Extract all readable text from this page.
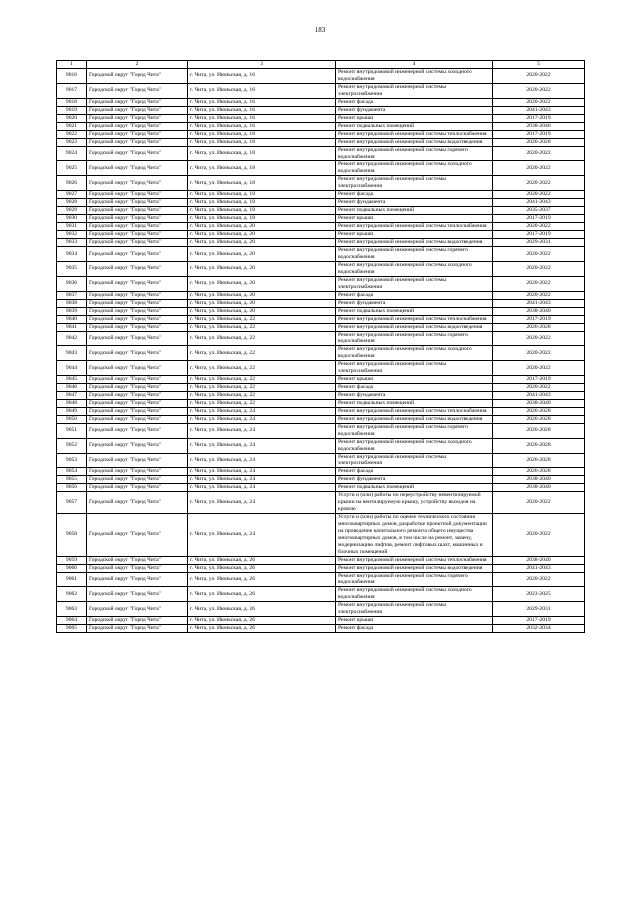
183
1	2	3	4	5
9016	Городской округ "Город Чита"	г. Чита, ул. Июньская, д. 16	Ремонт внутридомовой инженерной системы холодного водоснабжения	2020-2022
9017	Городской округ "Город Чита"	г. Чита, ул. Июньская, д. 16	Ремонт внутридомовой инженерной системы электроснабжения	2020-2022
9018	Городской округ "Город Чита"	г. Чита, ул. Июньская, д. 16	Ремонт фасада	2020-2022
9019	Городской округ "Город Чита"	г. Чита, ул. Июньская, д. 16	Ремонт фундамента	2041-2043
9020	Городской округ "Город Чита"	г. Чита, ул. Июньская, д. 16	Ремонт крыши	2017-2019
9021	Городской округ "Город Чита"	г. Чита, ул. Июньская, д. 16	Ремонт подвальных помещений	2038-2040
9022	Городской округ "Город Чита"	г. Чита, ул. Июньская, д. 18	Ремонт внутридомовой инженерной системы теплоснабжения	2017-2019
9023	Городской округ "Город Чита"	г. Чита, ул. Июньская, д. 18	Ремонт внутридомовой инженерной системы водоотведения	2026-2028
9024	Городской округ "Город Чита"	г. Чита, ул. Июньская, д. 18	Ремонт внутридомовой инженерной системы горячего водоснабжения	2020-2022
9025	Городской округ "Город Чита"	г. Чита, ул. Июньская, д. 18	Ремонт внутридомовой инженерной системы холодного водоснабжения	2020-2022
9026	Городской округ "Город Чита"	г. Чита, ул. Июньская, д. 18	Ремонт внутридомовой инженерной системы электроснабжения	2020-2022
9027	Городской округ "Город Чита"	г. Чита, ул. Июньская, д. 18	Ремонт фасада	2020-2022
9028	Городской округ "Город Чита"	г. Чита, ул. Июньская, д. 18	Ремонт фундамента	2041-2043
9029	Городской округ "Город Чита"	г. Чита, ул. Июньская, д. 18	Ремонт подвальных помещений	2035-2037
9030	Городской округ "Город Чита"	г. Чита, ул. Июньская, д. 18	Ремонт крыши	2017-2019
9031	Городской округ "Город Чита"	г. Чита, ул. Июньская, д. 20	Ремонт внутридомовой инженерной системы теплоснабжения	2020-2022
9032	Городской округ "Город Чита"	г. Чита, ул. Июньская, д. 20	Ремонт крыши	2017-2019
9033	Городской округ "Город Чита"	г. Чита, ул. Июньская, д. 20	Ремонт внутридомовой инженерной системы водоотведения	2029-2031
9034	Городской округ "Город Чита"	г. Чита, ул. Июньская, д. 20	Ремонт внутридомовой инженерной системы горячего водоснабжения	2020-2022
9035	Городской округ "Город Чита"	г. Чита, ул. Июньская, д. 20	Ремонт внутридомовой инженерной системы холодного водоснабжения	2020-2022
9036	Городской округ "Город Чита"	г. Чита, ул. Июньская, д. 20	Ремонт внутридомовой инженерной системы электроснабжения	2020-2022
9037	Городской округ "Город Чита"	г. Чита, ул. Июньская, д. 20	Ремонт фасада	2020-2022
9038	Городской округ "Город Чита"	г. Чита, ул. Июньская, д. 20	Ремонт фундамента	2041-2043
9039	Городской округ "Город Чита"	г. Чита, ул. Июньская, д. 20	Ремонт подвальных помещений	2038-2040
9040	Городской округ "Город Чита"	г. Чита, ул. Июньская, д. 22	Ремонт внутридомовой инженерной системы теплоснабжения	2017-2019
9041	Городской округ "Город Чита"	г. Чита, ул. Июньская, д. 22	Ремонт внутридомовой инженерной системы водоотведения	2026-2028
9042	Городской округ "Город Чита"	г. Чита, ул. Июньская, д. 22	Ремонт внутридомовой инженерной системы горячего водоснабжения	2020-2022
9043	Городской округ "Город Чита"	г. Чита, ул. Июньская, д. 22	Ремонт внутридомовой инженерной системы холодного водоснабжения	2020-2022
9044	Городской округ "Город Чита"	г. Чита, ул. Июньская, д. 22	Ремонт внутридомовой инженерной системы электроснабжения	2020-2022
9045	Городской округ "Город Чита"	г. Чита, ул. Июньская, д. 22	Ремонт крыши	2017-2019
9046	Городской округ "Город Чита"	г. Чита, ул. Июньская, д. 22	Ремонт фасада	2020-2022
9047	Городской округ "Город Чита"	г. Чита, ул. Июньская, д. 22	Ремонт фундамента	2041-2043
9048	Городской округ "Город Чита"	г. Чита, ул. Июньская, д. 22	Ремонт подвальных помещений	2038-2040
9049	Городской округ "Город Чита"	г. Чита, ул. Июньская, д. 24	Ремонт внутридомовой инженерной системы теплоснабжения	2026-2028
9050	Городской округ "Город Чита"	г. Чита, ул. Июньская, д. 24	Ремонт внутридомовой инженерной системы водоотведения	2026-2028
9051	Городской округ "Город Чита"	г. Чита, ул. Июньская, д. 24	Ремонт внутридомовой инженерной системы горячего водоснабжения	2026-2028
9052	Городской округ "Город Чита"	г. Чита, ул. Июньская, д. 24	Ремонт внутридомовой инженерной системы холодного водоснабжения	2026-2028
9053	Городской округ "Город Чита"	г. Чита, ул. Июньская, д. 24	Ремонт внутридомовой инженерной системы электроснабжения	2026-2028
9054	Городской округ "Город Чита"	г. Чита, ул. Июньская, д. 24	Ремонт фасада	2026-2028
9055	Городской округ "Город Чита"	г. Чита, ул. Июньская, д. 24	Ремонт фундамента	2038-2040
9056	Городской округ "Город Чита"	г. Чита, ул. Июньская, д. 24	Ремонт подвальных помещений	2038-2040
9057	Городской округ "Город Чита"	г. Чита, ул. Июньская, д. 24	Услуги и (или) работы по переустройству невентилируемой крыши на вентилируемую крышу, устройству выходов на кровлю	2020-2022
9058	Городской округ "Город Чита"	г. Чита, ул. Июньская, д. 24	Услуги и (или) работы по оценке технического состояния многоквартирных домов, разработке проектной документации на проведение капитального ремонта общего имущества многоквартирных домов, в том числе на ремонт, замену, модернизацию лифтов, ремонт лифтовых шахт, машинных и блочных помещений	2020-2022
9059	Городской округ "Город Чита"	г. Чита, ул. Июньская, д. 26	Ремонт внутридомовой инженерной системы теплоснабжения	2038-2040
9060	Городской округ "Город Чита"	г. Чита, ул. Июньская, д. 26	Ремонт внутридомовой инженерной системы водоотведения	2041-2043
9061	Городской округ "Город Чита"	г. Чита, ул. Июньская, д. 26	Ремонт внутридомовой инженерной системы горячего водоснабжения	2020-2022
9062	Городской округ "Город Чита"	г. Чита, ул. Июньская, д. 26	Ремонт внутридомовой инженерной системы холодного водоснабжения	2023-2025
9063	Городской округ "Город Чита"	г. Чита, ул. Июньская, д. 26	Ремонт внутридомовой инженерной системы электроснабжения	2029-2031
9064	Городской округ "Город Чита"	г. Чита, ул. Июньская, д. 26	Ремонт крыши	2017-2019
9065	Городской округ "Город Чита"	г. Чита, ул. Июньская, д. 26	Ремонт фасада	2032-2034
